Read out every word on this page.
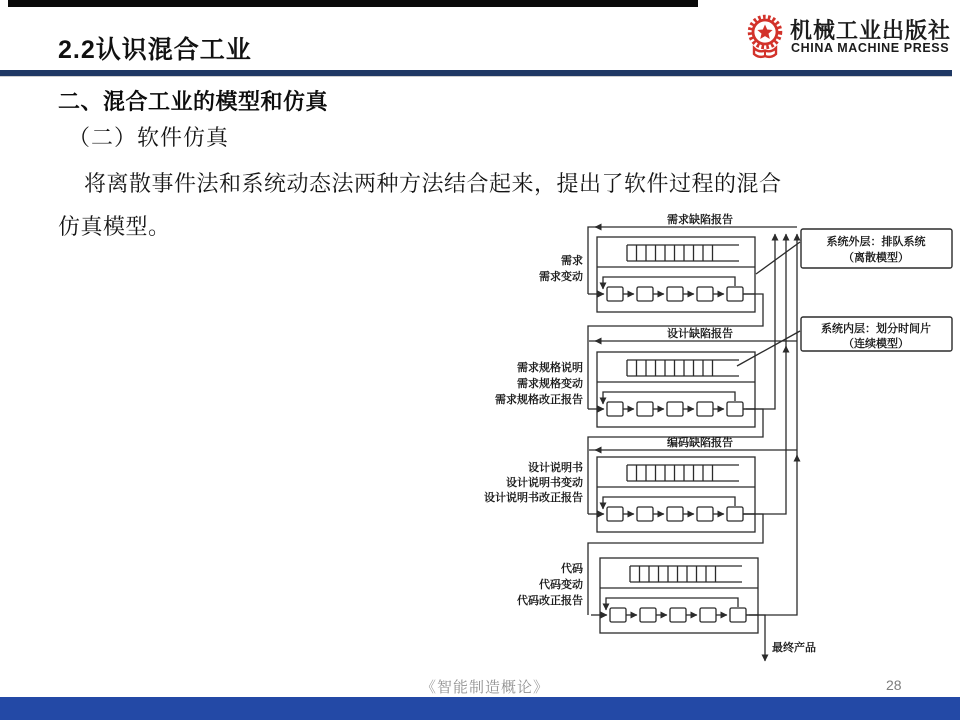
2.2认识混合工业
机械工业出版社
CHINA MACHINE PRESS
二、混合工业的模型和仿真
（二）软件仿真
将离散事件法和系统动态法两种方法结合起来，提出了软件过程的混合
仿真模型。	需求缺陷报告
设计缺陷报告
编码缺陷报告
需求
需求变动
需求规格说明
需求规格变动
需求规格改正报告
设计说明书
设计说明书变动
设计说明书改正报告
代码
代码变动
代码改正报告
系统外层：排队系统
（离散模型）
系统内层：划分时间片
（连续模型）
最终产品
《智能制造概论》	28
